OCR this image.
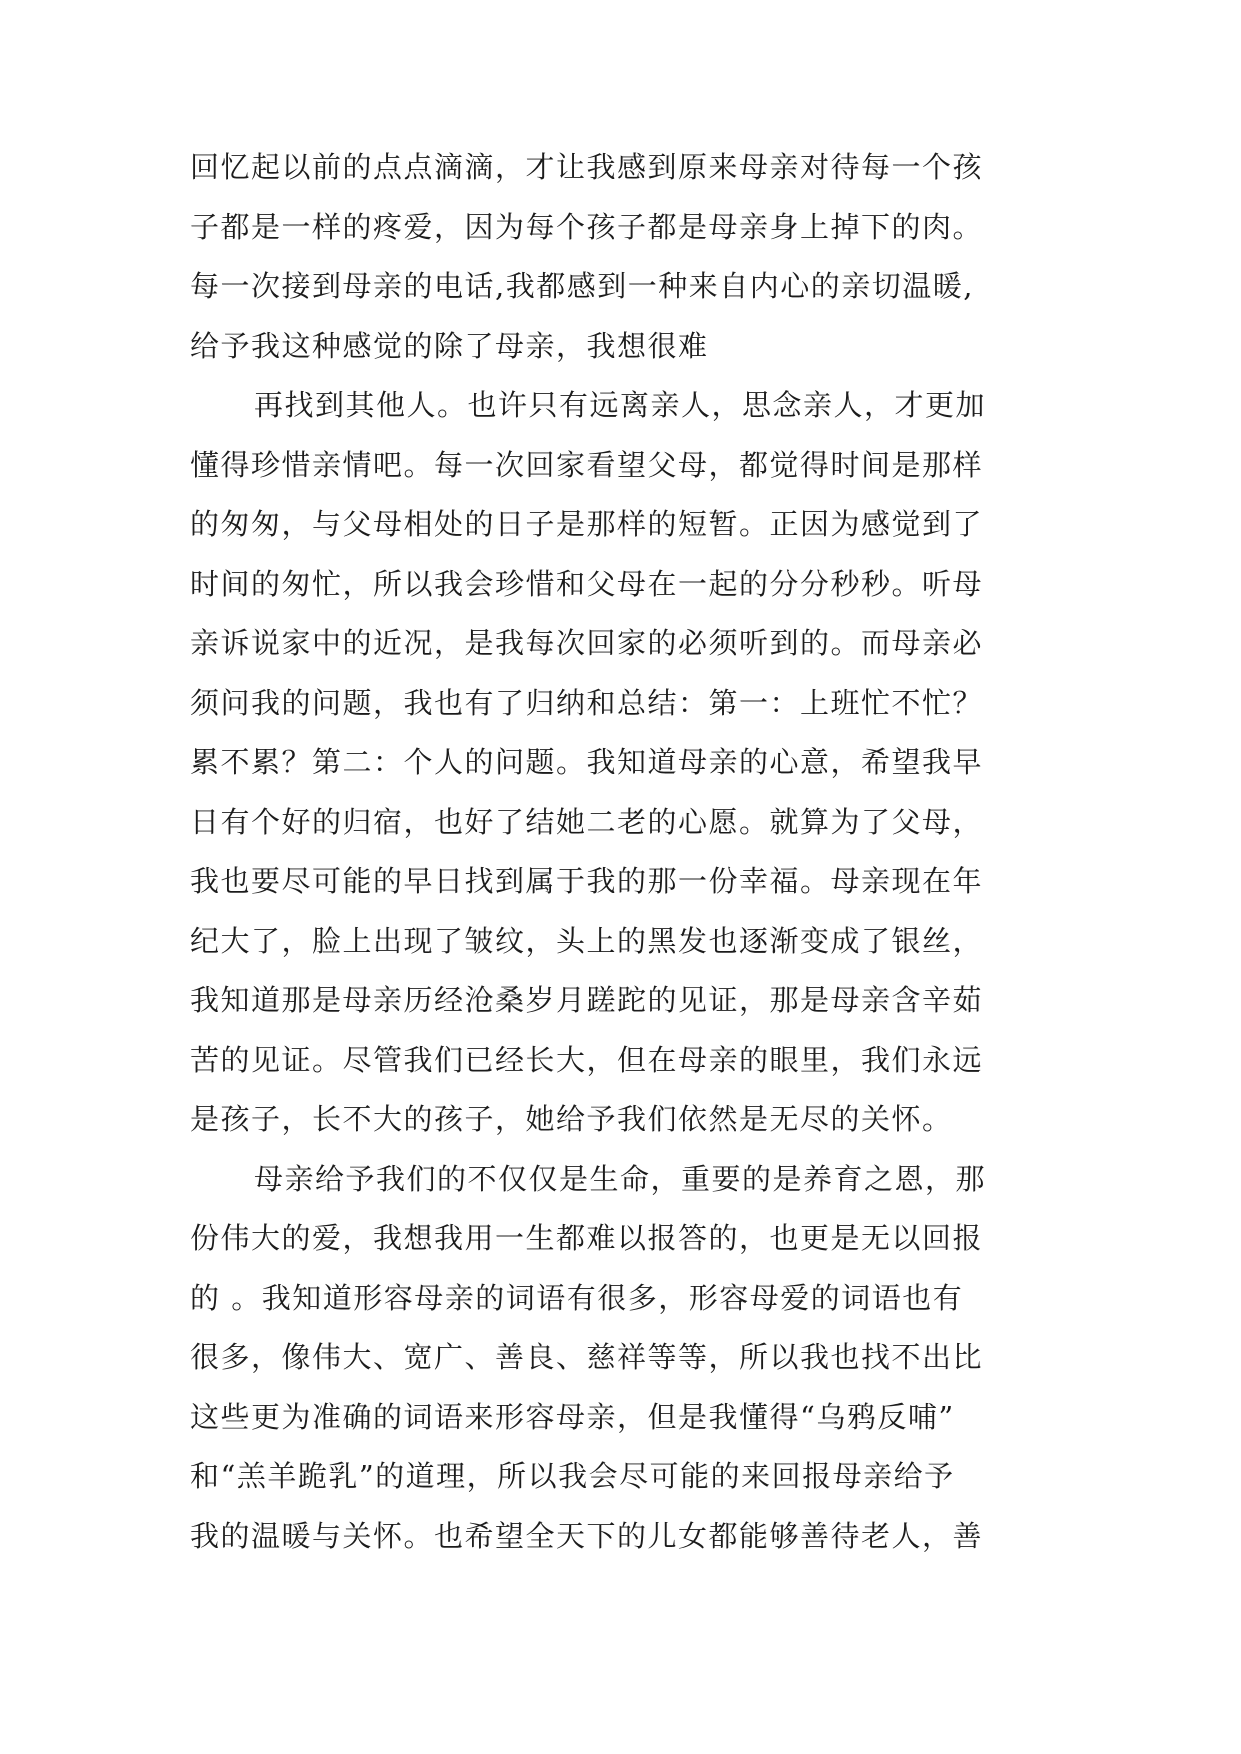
回忆起以前的点点滴滴，才让我感到原来母亲对待每一个孩
子都是一样的疼爱，因为每个孩子都是母亲身上掉下的肉。
每一次接到母亲的电话,我都感到一种来自内心的亲切温暖,
给予我这种感觉的除了母亲，我想很难
再找到其他人。也许只有远离亲人，思念亲人，才更加
懂得珍惜亲情吧。每一次回家看望父母，都觉得时间是那样
的匆匆，与父母相处的日子是那样的短暂。正因为感觉到了
时间的匆忙，所以我会珍惜和父母在一起的分分秒秒。听母
亲诉说家中的近况，是我每次回家的必须听到的。而母亲必
须问我的问题，我也有了归纳和总结：第一：上班忙不忙？
累不累？第二：个人的问题。我知道母亲的心意，希望我早
日有个好的归宿，也好了结她二老的心愿。就算为了父母，
我也要尽可能的早日找到属于我的那一份幸福。母亲现在年
纪大了，脸上出现了皱纹，头上的黑发也逐渐变成了银丝，
我知道那是母亲历经沧桑岁月蹉跎的见证，那是母亲含辛茹
苦的见证。尽管我们已经长大，但在母亲的眼里，我们永远
是孩子，长不大的孩子，她给予我们依然是无尽的关怀。
母亲给予我们的不仅仅是生命，重要的是养育之恩，那
份伟大的爱，我想我用一生都难以报答的，也更是无以回报
的 。我知道形容母亲的词语有很多，形容母爱的词语也有
很多，像伟大、宽广、善良、慈祥等等，所以我也找不出比
这些更为准确的词语来形容母亲，但是我懂得“乌鸦反哺”
和“羔羊跪乳”的道理，所以我会尽可能的来回报母亲给予
我的温暖与关怀。也希望全天下的儿女都能够善待老人，善
